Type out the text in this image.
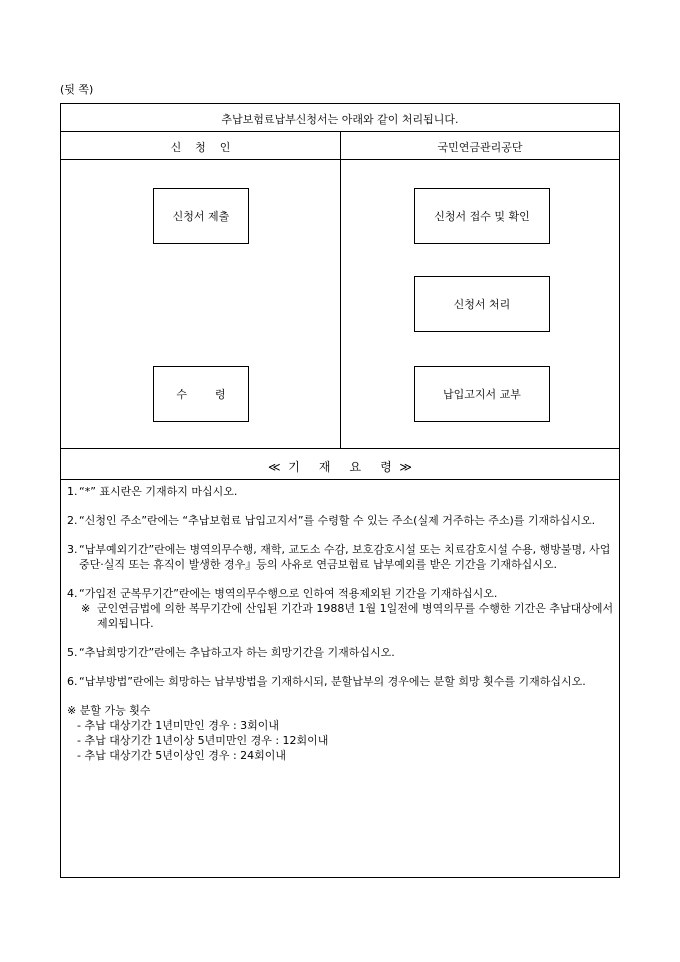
(뒷 쪽)
추납보험료납부신청서는 아래와 같이 처리됩니다.
신    청    인	국민연금관리공단
신청서 제출
수        령
신청서 접수 및 확인
신청서 처리
납입고지서 교부
≪  기     재     요     령  ≫
1. “*” 표시란은 기재하지 마십시오.
2. “신청인 주소”란에는 “추납보험료 납입고지서”를 수령할 수 있는 주소(실제 거주하는 주소)를 기재하십시오.
3. “납부예외기간”란에는 병역의무수행, 재학, 교도소 수감, 보호감호시설 또는 치료감호시설 수용, 행방불명, 사업중단·실직 또는 휴직이 발생한 경우』등의 사유로 연금보험료 납부예외를 받은 기간을 기재하십시오.
4. “가입전 군복무기간”란에는 병역의무수행으로 인하여 적용제외된 기간을 기재하십시오.
※ 군인연금법에 의한 복무기간에 산입된 기간과 1988년 1월 1일전에 병역의무를 수행한 기간은 추납대상에서 제외됩니다.
5. “추납희망기간”란에는 추납하고자 하는 희망기간을 기재하십시오.
6. “납부방법”란에는 희망하는 납부방법을 기재하시되, 분할납부의 경우에는 분할 희망 횟수를 기재하십시오.
※ 분할 가능 횟수
- 추납 대상기간 1년미만인 경우 : 3회이내
- 추납 대상기간 1년이상 5년미만인 경우 : 12회이내
- 추납 대상기간 5년이상인 경우 : 24회이내
